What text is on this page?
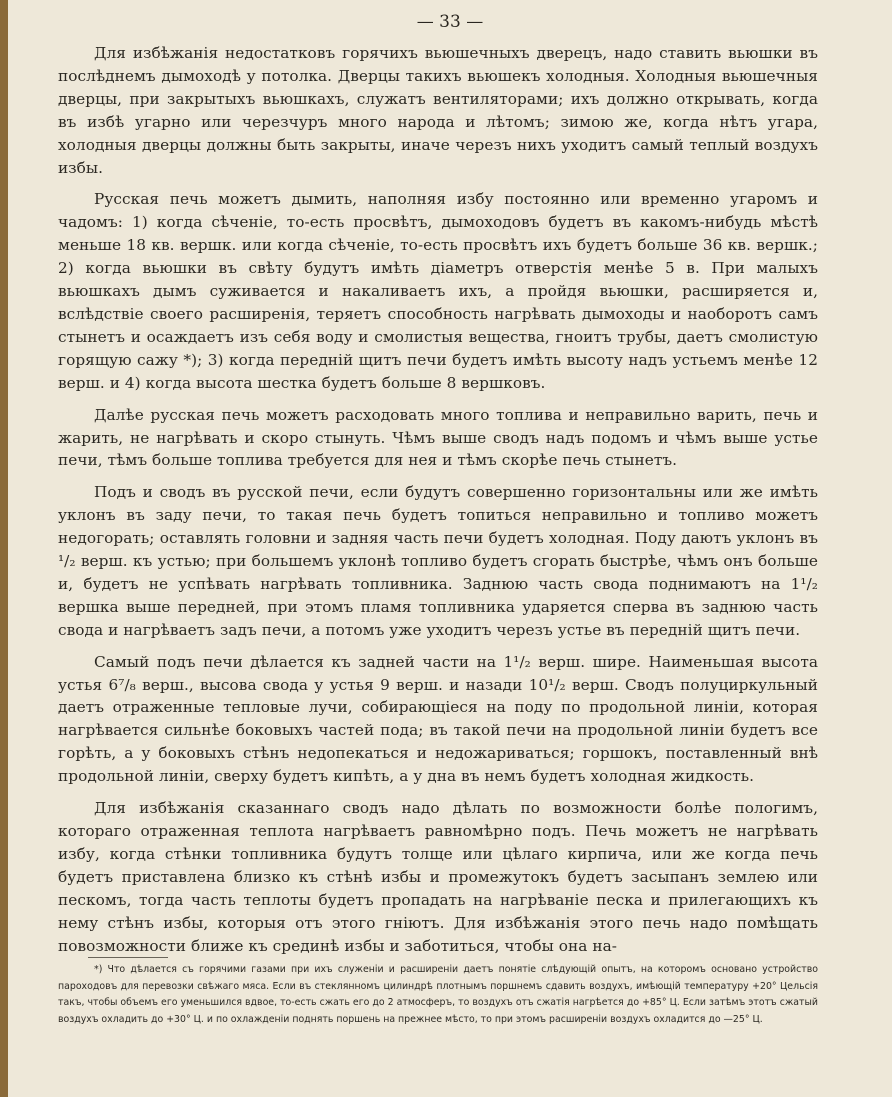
— 33 —

Для избѣжанія недостатковъ горячихъ вьюшечныхъ дверецъ, надо ставить вьюшки въ послѣднемъ дымоходѣ у потолка. Дверцы такихъ вьюшекъ холодныя. Холодныя вьюшечныя дверцы, при закрытыхъ вьюшкахъ, служатъ вентиляторами; ихъ должно открывать, когда въ избѣ угарно или черезчуръ много народа и лѣтомъ; зимою же, когда нѣтъ угара, холодныя дверцы должны быть закрыты, иначе черезъ нихъ уходитъ самый теплый воздухъ избы.

Русская печь можетъ дымить, наполняя избу постоянно или временно угаромъ и чадомъ: 1) когда сѣченіе, то-есть просвѣтъ, дымоходовъ будетъ въ какомъ-нибудь мѣстѣ меньше 18 кв. вершк. или когда сѣченіе, то-есть просвѣтъ ихъ будетъ больше 36 кв. вершк.; 2) когда вьюшки въ свѣту будутъ имѣть діаметръ отверстія менѣе 5 в. При малыхъ вьюшкахъ дымъ суживается и накаливаетъ ихъ, а пройдя вьюшки, расширяется и, вслѣдствіе своего расширенія, теряетъ способность нагрѣвать дымоходы и наоборотъ самъ стынетъ и осаждаетъ изъ себя воду и смолистыя вещества, гноитъ трубы, даетъ смолистую горящую сажу *); 3) когда передній щитъ печи будетъ имѣть высоту надъ устьемъ менѣе 12 верш. и 4) когда высота шестка будетъ больше 8 вершковъ.

Далѣе русская печь можетъ расходовать много топлива и неправильно варить, печь и жарить, не нагрѣвать и скоро стынуть. Чѣмъ выше сводъ надъ подомъ и чѣмъ выше устье печи, тѣмъ больше топлива требуется для нея и тѣмъ скорѣе печь стынетъ.

Подъ и сводъ въ русской печи, если будутъ совершенно горизонтальны или же имѣть уклонъ въ заду печи, то такая печь будетъ топиться неправильно и топливо можетъ недогорать; оставлять головни и задняя часть печи будетъ холодная. Поду даютъ уклонъ въ ¹/₂ верш. къ устью; при большемъ уклонѣ топливо будетъ сгорать быстрѣе, чѣмъ онъ больше и, будетъ не успѣвать нагрѣвать топливника. Заднюю часть свода поднимаютъ на 1¹/₂ вершка выше передней, при этомъ пламя топливника ударяется сперва въ заднюю часть свода и нагрѣваетъ задъ печи, а потомъ уже уходитъ черезъ устье въ передній щитъ печи.

Самый подъ печи дѣлается къ задней части на 1¹/₂ верш. шире. Наименьшая высота устья 6⁷/₈ верш., высова свода у устья 9 верш. и назади 10¹/₂ верш. Сводъ полуциркульный даетъ отраженные тепловые лучи, собирающіеся на поду по продольной линіи, которая нагрѣвается сильнѣе боковыхъ частей пода; въ такой печи на продольной линіи будетъ все горѣть, а у боковыхъ стѣнъ недопекаться и недожариваться; горшокъ, поставленный внѣ продольной линіи, сверху будетъ кипѣть, а у дна въ немъ будетъ холодная жидкость.

Для избѣжанія сказаннаго сводъ надо дѣлать по возможности болѣе пологимъ, котораго отраженная теплота нагрѣваетъ равномѣрно подъ. Печь можетъ не нагрѣвать избу, когда стѣнки топливника будутъ толще или цѣлаго кирпича, или же когда печь будетъ приставлена близко къ стѣнѣ избы и промежутокъ будетъ засыпанъ землею или пескомъ, тогда часть теплоты будетъ пропадать на нагрѣваніе песка и прилегающихъ къ нему стѣнъ избы, которыя отъ этого гніютъ. Для избѣжанія этого печь надо помѣщать повозможности ближе къ срединѣ избы и заботиться, чтобы она на-

*) Что дѣлается съ горячими газами при ихъ служеніи и расширеніи даетъ понятіе слѣдующій опытъ, на которомъ основано устройство пароходовъ для перевозки свѣжаго мяса. Если въ стеклянномъ цилиндрѣ плотнымъ поршнемъ сдавить воздухъ, имѣющій температуру +20° Цельсія такъ, чтобы объемъ его уменьшился вдвое, то-есть сжать его до 2 атмосферъ, то воздухъ отъ сжатія нагрѣется до +85° Ц. Если затѣмъ этотъ сжатый воздухъ охладить до +30° Ц. и по охлажденіи поднять поршень на прежнее мѣсто, то при этомъ расширеніи воздухъ охладится до —25° Ц.
